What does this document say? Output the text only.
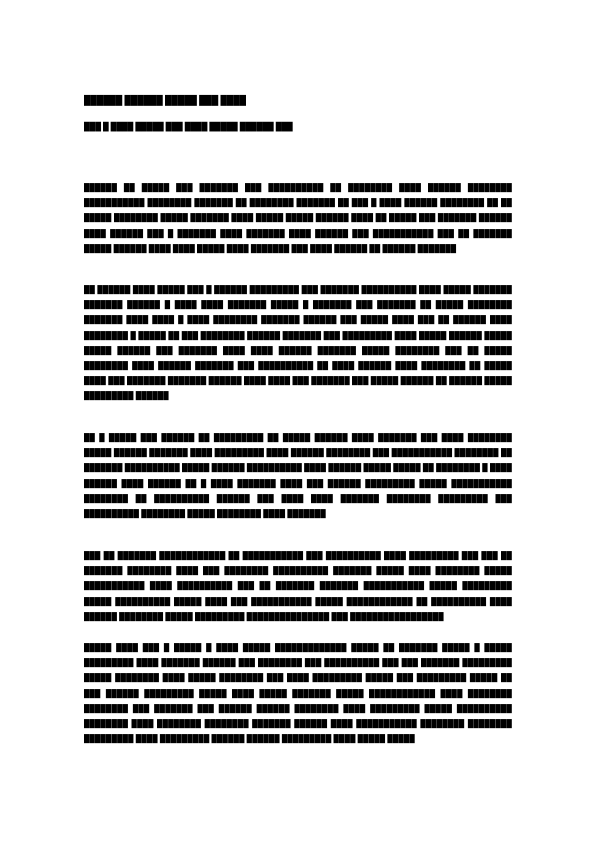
██████ ██████ █████ ███ ████
███ █ ████ █████ ███ ████ █████ ██████ ███

██████ ██ █████ ███ ███████ ███ ██████████ ██ ████████ ████ ██████ ████████ ███████████ ████████ ███████ ██ ████████ ███████ ██ ███ █ ████ ██████ ████████ ██ ██ █████ ████████ █████ ███████ ████ █████ █████ ██████ ████ ██ █████ ███ ███████ ██████ ████ ██████ ███ █ ███████ ████ ███████ ████ ██████ ███ ███████████ ███ ██ ███████ █████ ██████ ████ ████ █████ ████ ███████ ███ ████ ██████ ██ ██████ ███████

██ ██████ ████ █████ ███ █ ██████ █████████ ███ ███████ ██████████ ████ █████ ███████ ███████ ██████ █ ████ ████ ███████ █████ █ ███████ ███ ███████ ██ █████ ████████ ███████ ████ ████ █ ████ ████████ ███████ ██████ ███ █████ ████ ███ ██ ██████ ████ ████████ █ █████ ██ ███ ████████ ██████ ███████ ███ █████████ ████ █████ ██████ █████ █████ ██████ ███ ███████ ████ ████ ██████ ███████ █████ ████████ ███ ██ █████ ████████ ████ ██████ ███████ ███ ██████████ ██ ████ ██████ ████ ████████ ██ █████ ████ ███ ███████ ███████ ██████ ████ ████ ███ ███████ ███ █████ ██████ ██ ██████ █████ █████████ ██████

██ █ █████ ███ ██████ ██ █████████ ██ █████ ██████ ████ ███████ ███ ████ ████████ █████ ██████ ███████ ████ █████████ ████ ██████ ████████ ███ ███████████ ████████ ██ ███████ ██████████ █████ ██████ ██████████ ████ ██████ █████ █████ ██ ████████ █ ████ ██████ ████ ██████ ██ █ ████ ███████ ████ ███ ██████ █████████ █████ ███████████ ████████ ██ ██████████ ██████ ███ ████ ████ ███████ ████████ █████████ ███ ██████████ ████████ █████ ████████ ████ ███████

███ ██ ███████ ████████████ ██ ███████████ ███ ██████████ ████ █████████ ███ ███ ██ ███████ ████████ ████ ███ ████████ ██████████ ███████ █████ ████ ████████ █████ ███████████ ████ ██████████ ███ ██ ███████ ███████ ███████████ █████ █████████ █████ ██████████ █████ ████ ███ ███████████ █████ ████████████ ██ ██████████ ████ ██████ ████████ █████ █████████ ███████████████ ███ █████████████████

█████ ████ ███ █ █████ █ ████ █████ █████████████ █████ ██ ███████ █████ █ █████ █████████ ████ ███████ ██████ ███ ████████ ███ ██████████ ███ ███ ███████ █████████ █████ ████████ ████ █████ ████████ ███ ████ █████████ █████ ███ █████████ █████ ██ ███ ██████ █████████ █████ ████ █████ ███████ █████ ████████████ ████ ████████ ████████ ███ ███████ ███ ██████ ██████ ████████ ████ █████████ █████ ██████████ ████████ ████ ████████ ████████ ███████ ██████ ████ ███████████ ████████ ████████ █████████ ████ █████████ ██████ ██████ █████████ ████ █████ █████
